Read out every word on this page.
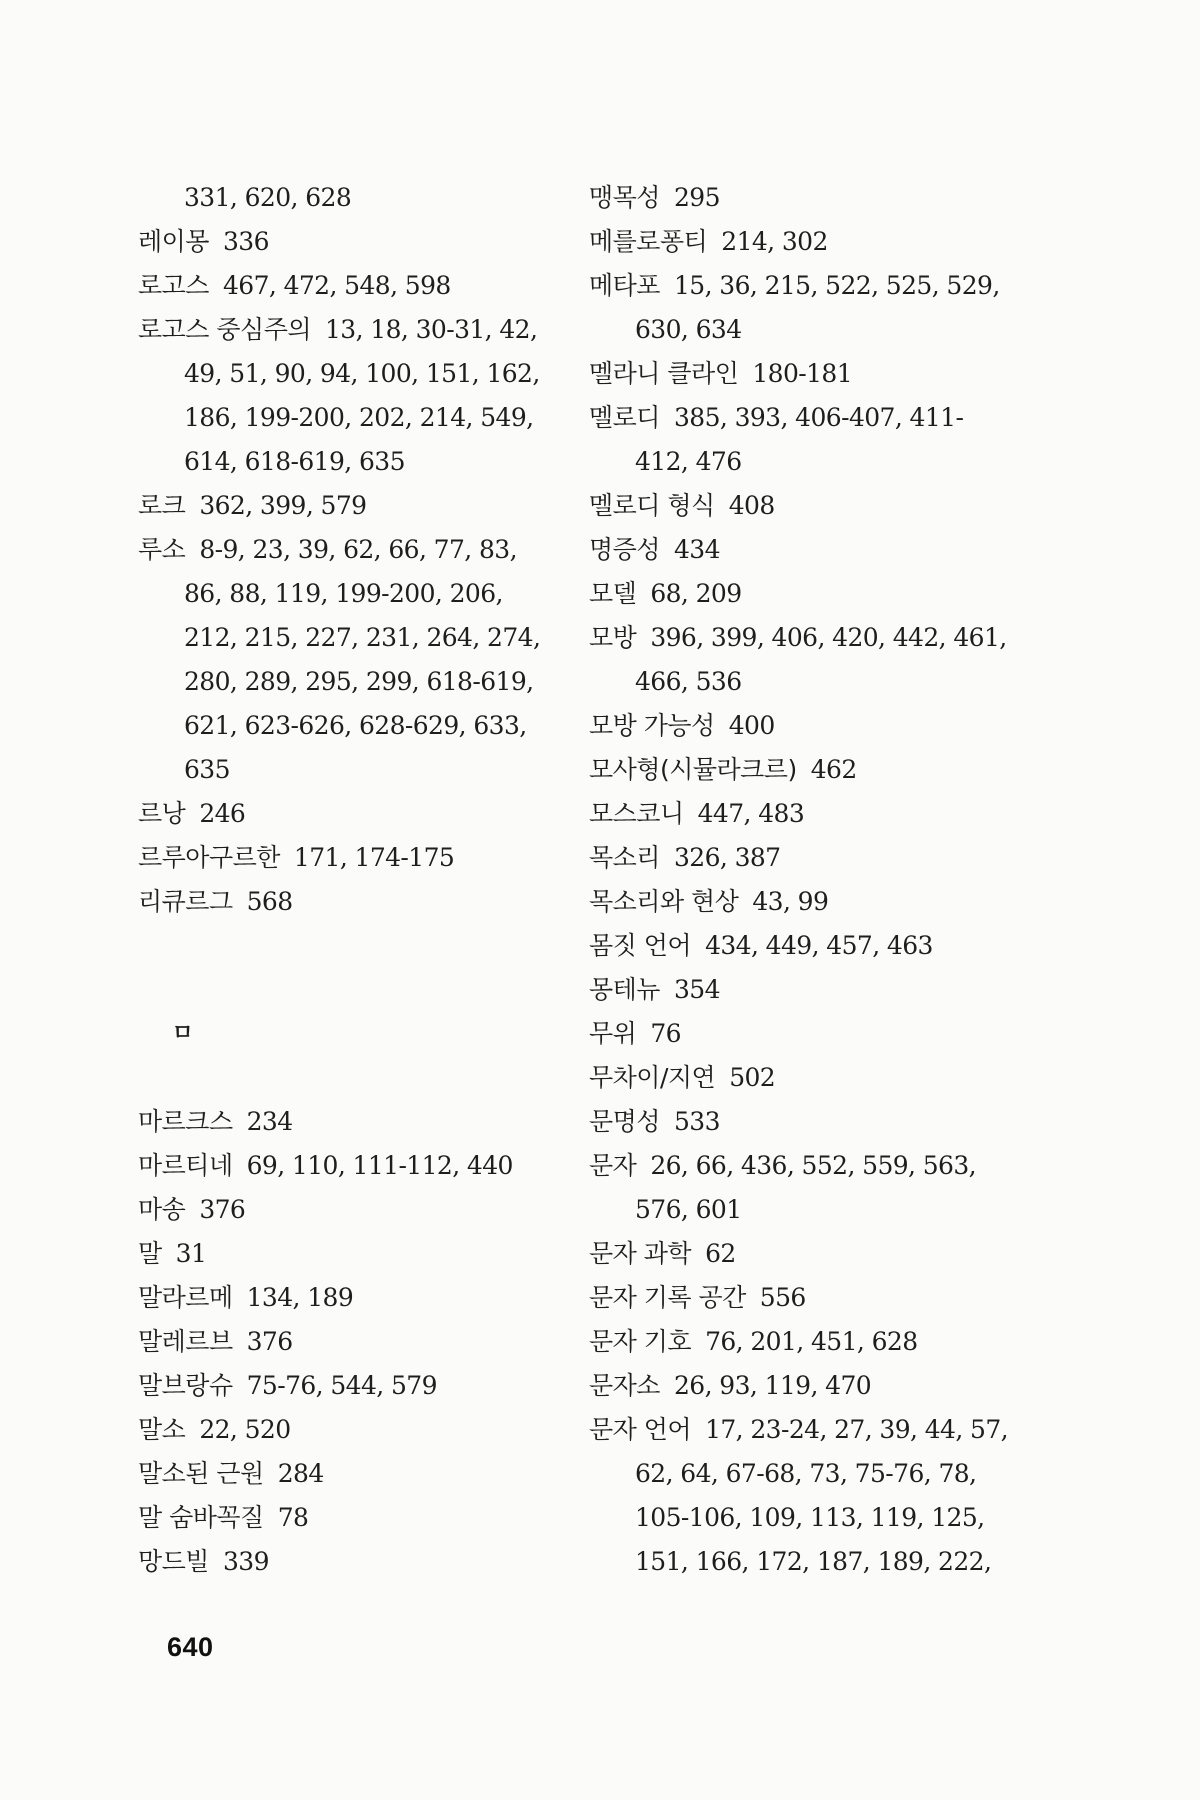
331, 620, 628
레이몽 336
로고스 467, 472, 548, 598
로고스 중심주의 13, 18, 30-31, 42,
49, 51, 90, 94, 100, 151, 162,
186, 199-200, 202, 214, 549,
614, 618-619, 635
로크 362, 399, 579
루소 8-9, 23, 39, 62, 66, 77, 83,
86, 88, 119, 199-200, 206,
212, 215, 227, 231, 264, 274,
280, 289, 295, 299, 618-619,
621, 623-626, 628-629, 633,
635
르낭 246
르루아구르한 171, 174-175
리큐르그 568
ㅁ
마르크스 234
마르티네 69, 110, 111-112, 440
마송 376
말 31
말라르메 134, 189
말레르브 376
말브랑슈 75-76, 544, 579
말소 22, 520
말소된 근원 284
말 숨바꼭질 78
망드빌 339
맹목성 295
메를로퐁티 214, 302
메타포 15, 36, 215, 522, 525, 529,
630, 634
멜라니 클라인 180-181
멜로디 385, 393, 406-407, 411-
412, 476
멜로디 형식 408
명증성 434
모델 68, 209
모방 396, 399, 406, 420, 442, 461,
466, 536
모방 가능성 400
모사형(시뮬라크르) 462
모스코니 447, 483
목소리 326, 387
목소리와 현상 43, 99
몸짓 언어 434, 449, 457, 463
몽테뉴 354
무위 76
무차이/지연 502
문명성 533
문자 26, 66, 436, 552, 559, 563,
576, 601
문자 과학 62
문자 기록 공간 556
문자 기호 76, 201, 451, 628
문자소 26, 93, 119, 470
문자 언어 17, 23-24, 27, 39, 44, 57,
62, 64, 67-68, 73, 75-76, 78,
105-106, 109, 113, 119, 125,
151, 166, 172, 187, 189, 222,
640
